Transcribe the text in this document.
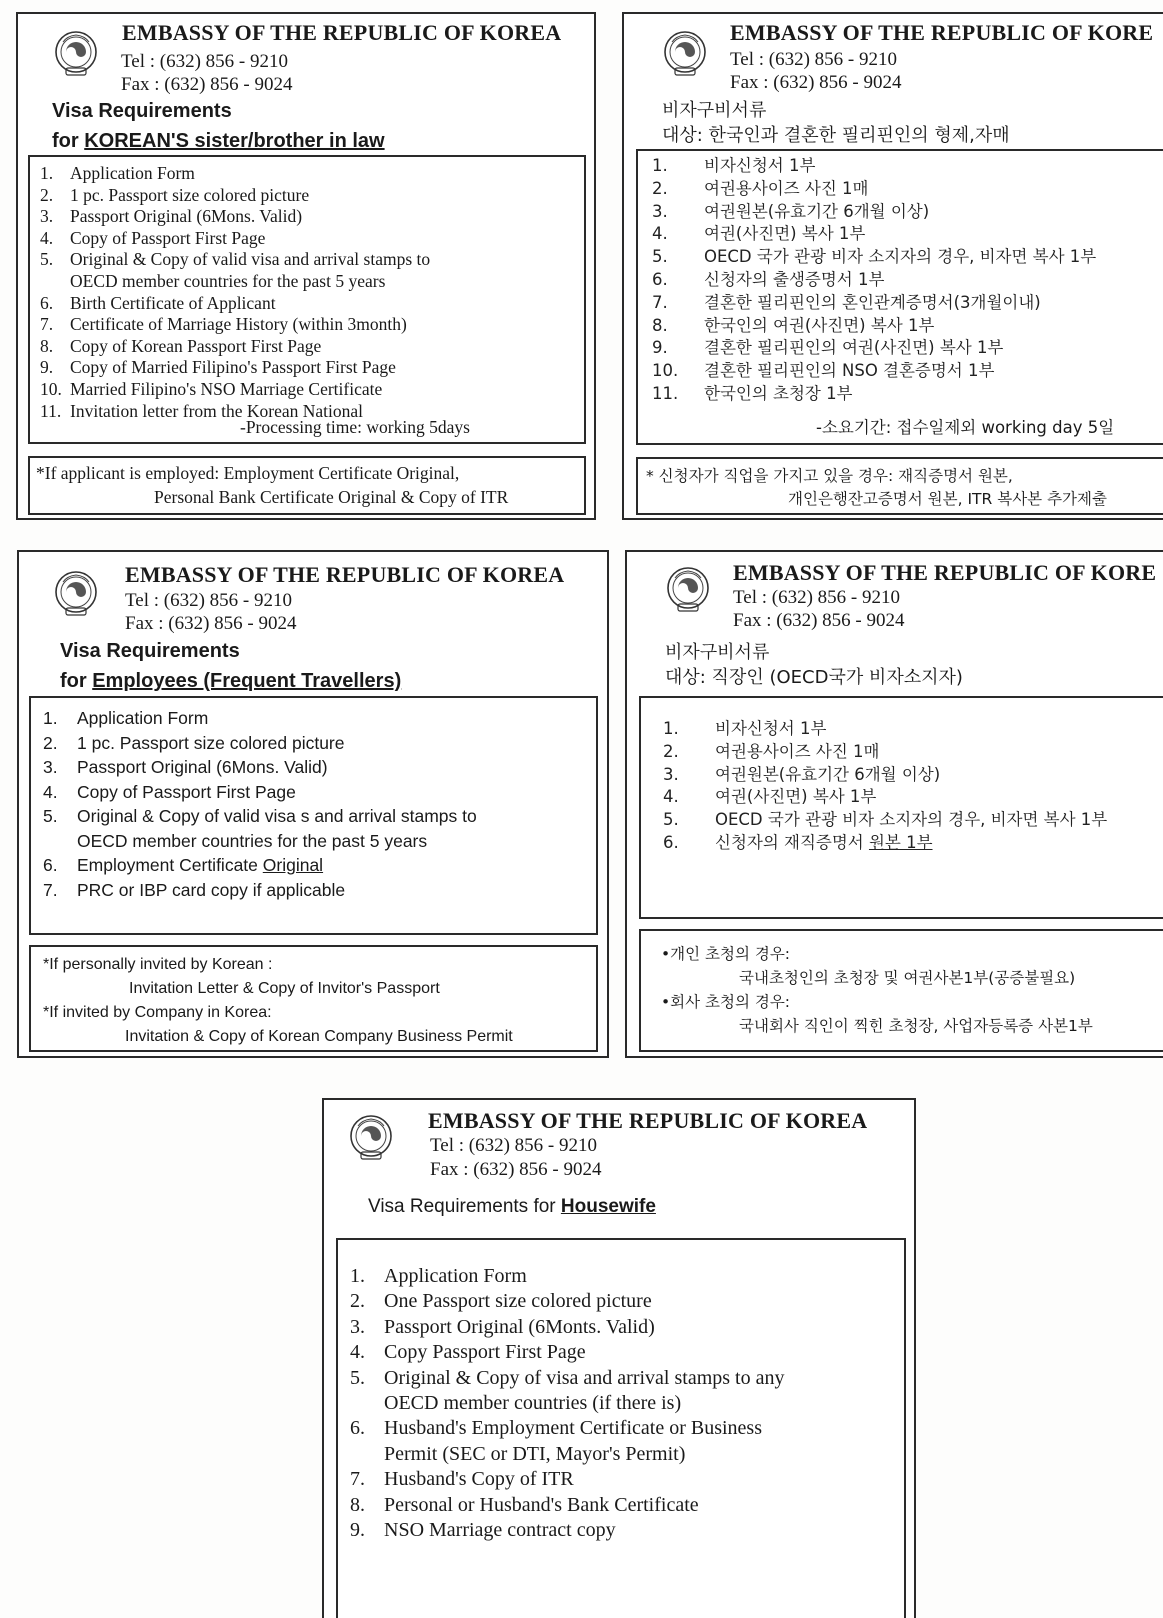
EMBASSY OF THE REPUBLIC OF KOREA
Tel : (632) 856 - 9210
Fax : (632) 856 - 9024
Visa Requirements
for KOREAN'S sister/brother in law
1. Application Form
2. 1 pc. Passport size colored picture
3. Passport Original (6Mons. Valid)
4. Copy of Passport First Page
5. Original & Copy of valid visa and arrival stamps to
OECD member countries for the past 5 years
6. Birth Certificate of Applicant
7. Certificate of Marriage History (within 3month)
8. Copy of Korean Passport First Page
9. Copy of Married Filipino's Passport First Page
10. Married Filipino's NSO Marriage Certificate
11. Invitation letter from the Korean National
-Processing time: working 5days
*If applicant is employed: Employment Certificate Original,
Personal Bank Certificate Original & Copy of ITR
EMBASSY OF THE REPUBLIC OF KORE
Tel : (632) 856 - 9210
Fax : (632) 856 - 9024
비자구비서류
대상: 한국인과 결혼한 필리핀인의 형제,자매
1. 비자신청서 1부
2. 여권용사이즈 사진 1매
3. 여권원본(유효기간 6개월 이상)
4. 여권(사진면) 복사 1부
5. OECD 국가 관광 비자 소지자의 경우, 비자면 복사 1부
6. 신청자의 출생증명서 1부
7. 결혼한 필리핀인의 혼인관계증명서(3개월이내)
8. 한국인의 여권(사진면) 복사 1부
9. 결혼한 필리핀인의 여권(사진면) 복사 1부
10. 결혼한 필리핀인의 NSO 결혼증명서 1부
11. 한국인의 초청장 1부
-소요기간: 접수일제외 working day 5일
* 신청자가 직업을 가지고 있을 경우: 재직증명서 원본,
개인은행잔고증명서 원본, ITR 복사본 추가제출
EMBASSY OF THE REPUBLIC OF KOREA
Tel : (632) 856 - 9210
Fax : (632) 856 - 9024
Visa Requirements
for Employees (Frequent Travellers)
1. Application Form
2. 1 pc. Passport size colored picture
3. Passport Original (6Mons. Valid)
4. Copy of Passport First Page
5. Original & Copy of valid visa s and arrival stamps to
OECD member countries for the past 5 years
6. Employment Certificate Original
7. PRC or IBP card copy if applicable
*If personally invited by Korean :
Invitation Letter & Copy of Invitor's Passport
*If invited by Company in Korea:
Invitation & Copy of Korean Company Business Permit
EMBASSY OF THE REPUBLIC OF KORE
Tel : (632) 856 - 9210
Fax : (632) 856 - 9024
비자구비서류
대상: 직장인 (OECD국가 비자소지자)
1. 비자신청서 1부
2. 여권용사이즈 사진 1매
3. 여권원본(유효기간 6개월 이상)
4. 여권(사진면) 복사 1부
5. OECD 국가 관광 비자 소지자의 경우, 비자면 복사 1부
6. 신청자의 재직증명서 원본 1부
•개인 초청의 경우:
국내초청인의 초청장 및 여권사본1부(공증불필요)
•회사 초청의 경우:
국내회사 직인이 찍힌 초청장, 사업자등록증 사본1부
EMBASSY OF THE REPUBLIC OF KOREA
Tel : (632) 856 - 9210
Fax : (632) 856 - 9024
Visa Requirements for Housewife
1. Application Form
2. One Passport size colored picture
3. Passport Original (6Monts. Valid)
4. Copy Passport First Page
5. Original & Copy of visa and arrival stamps to any
OECD member countries (if there is)
6. Husband's Employment Certificate or Business
Permit (SEC or DTI, Mayor's Permit)
7. Husband's Copy of ITR
8. Personal or Husband's Bank Certificate
9. NSO Marriage contract copy
